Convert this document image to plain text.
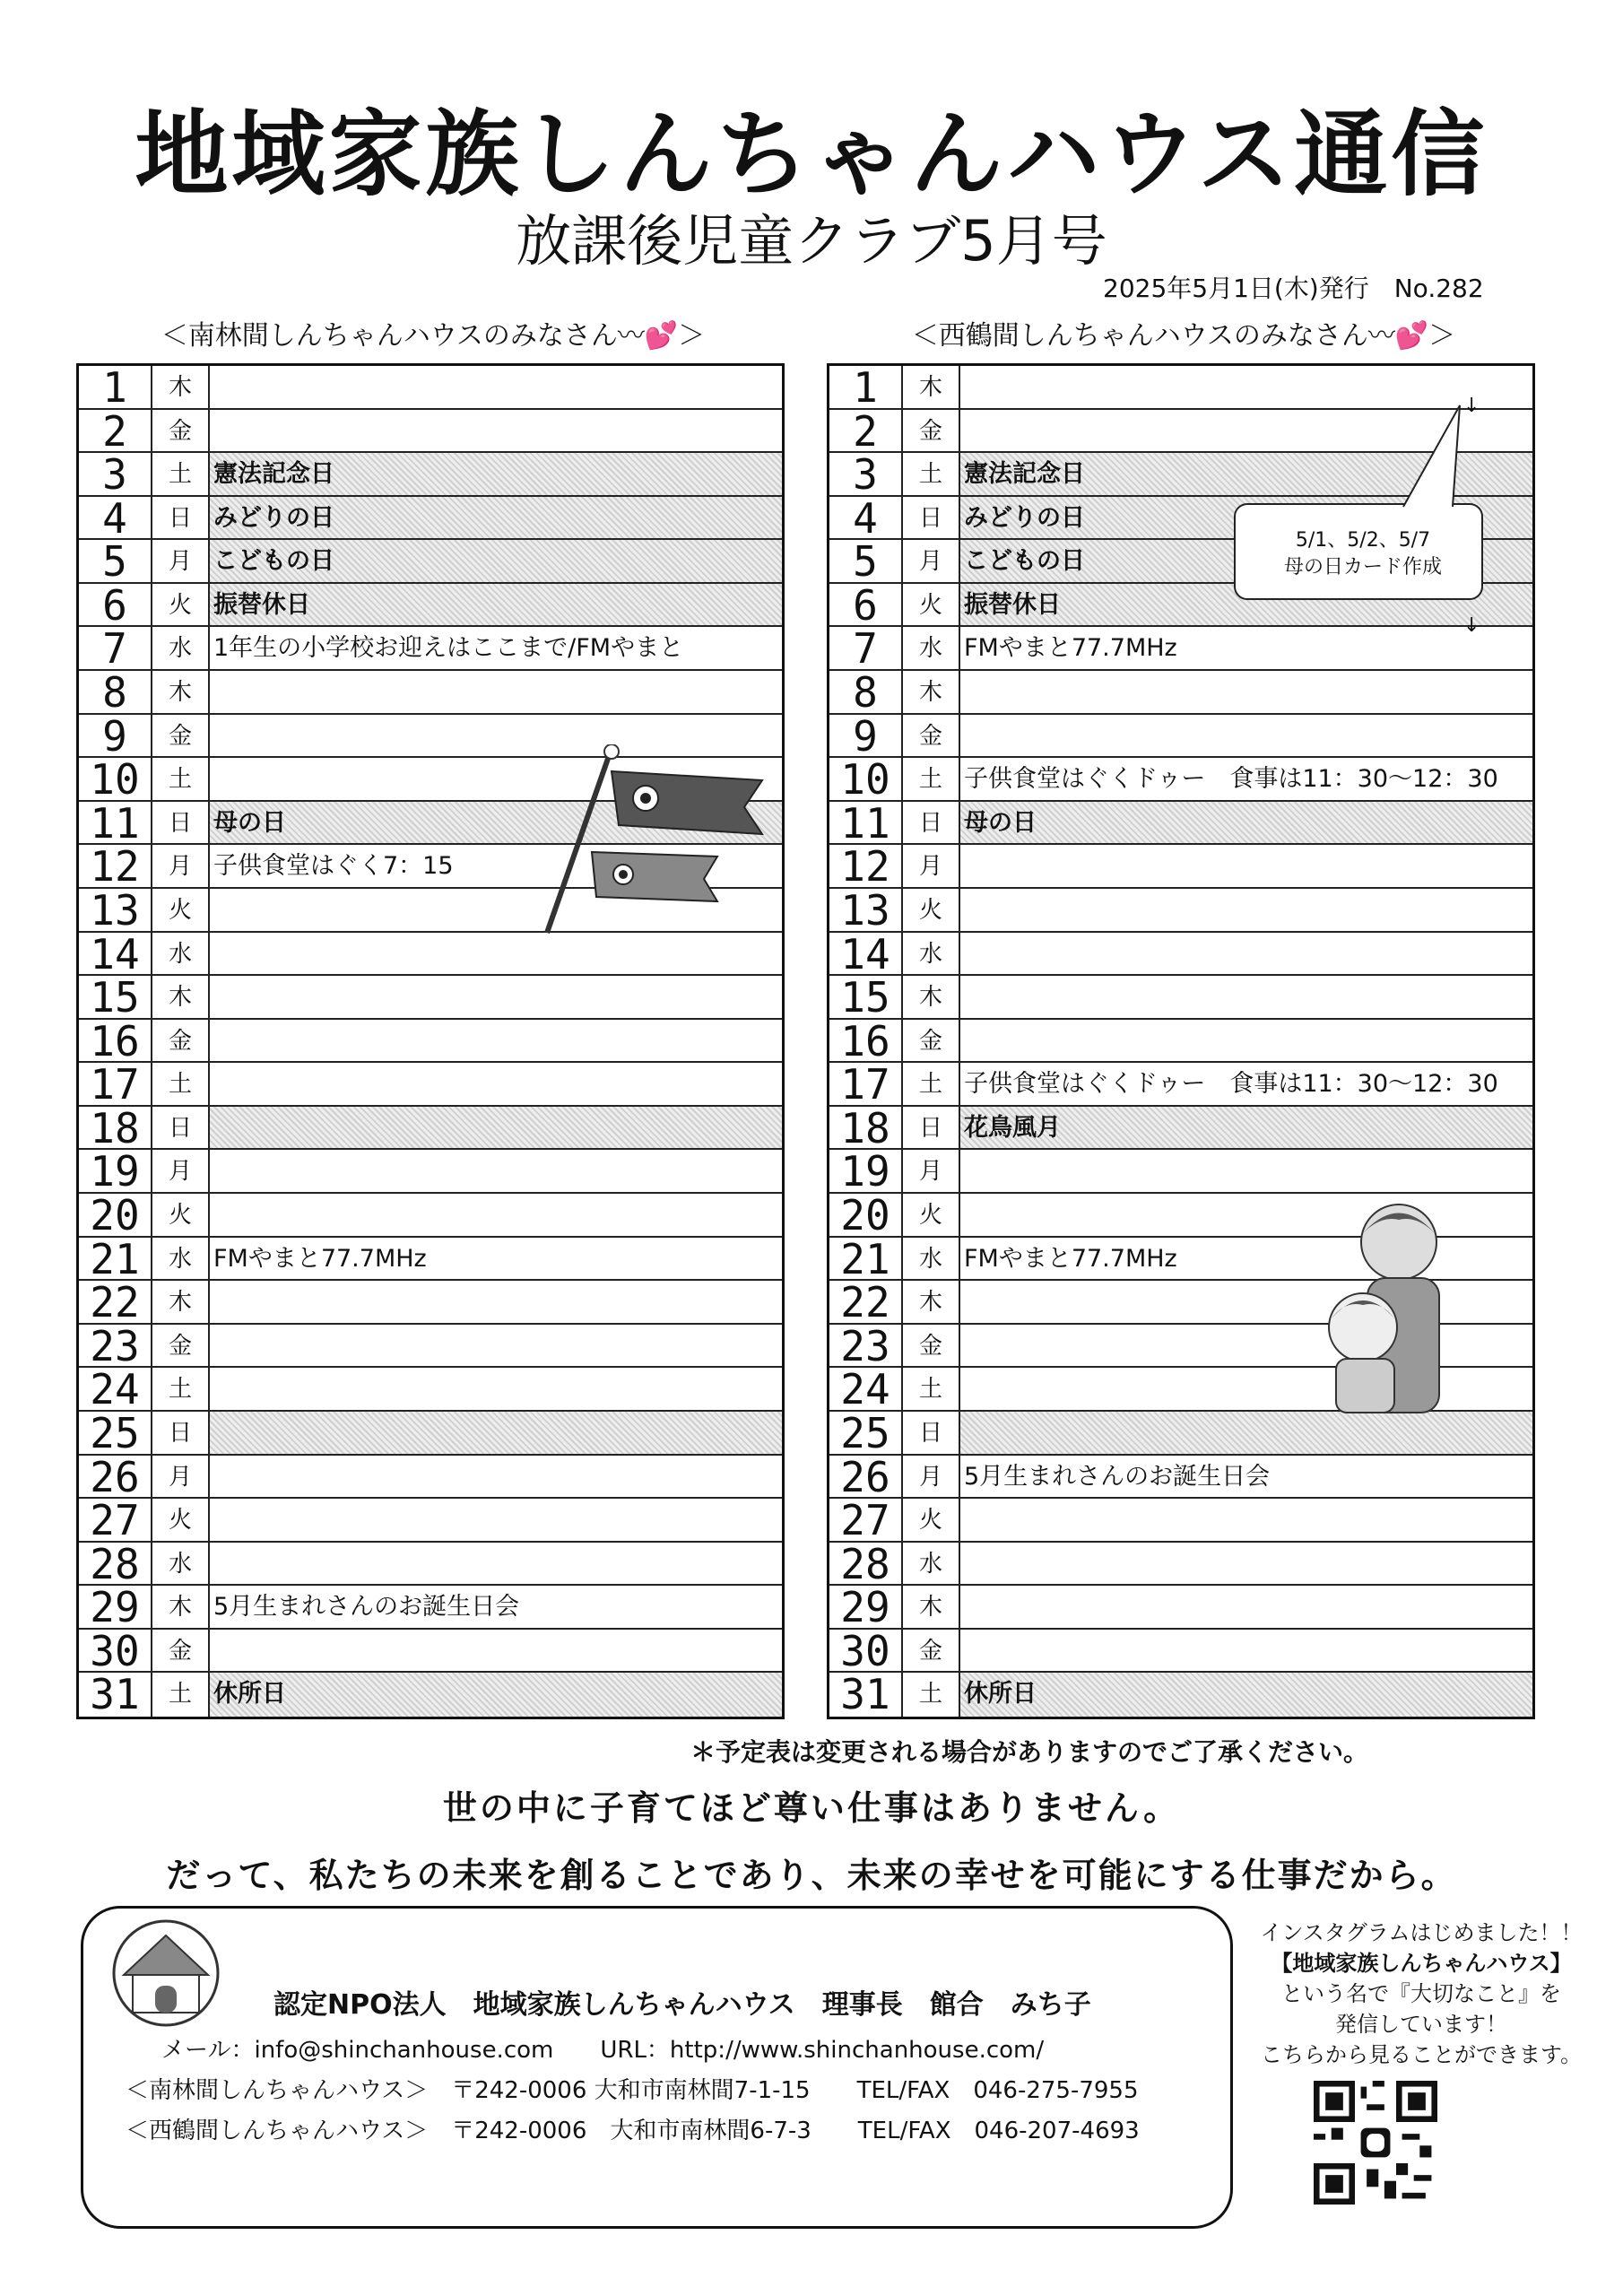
地域家族しんちゃんハウス通信
放課後児童クラブ5月号
2025年5月1日(木)発行　No.282
＜南林間しんちゃんハウスのみなさん〰💕＞	＜西鶴間しんちゃんハウスのみなさん〰💕＞
1	木
2	金
3	土 憲法記念日
4	日 みどりの日
5	月 こどもの日
6	火 振替休日
7	水 1年生の小学校お迎えはここまで/FMやまと
8	木
9	金
10	土
11	日 母の日
12	月 子供食堂はぐく7：15
13	火
14	水
15	木
16	金
17	土
18	日
19	月
20	火
21	水 FMやまと77.7MHz
22	木
23	金
24	土
25	日
26	月
27	火
28	水
29	木 5月生まれさんのお誕生日会
30	金
31	土 休所日
1	木
2	金
3	土 憲法記念日
4	日 みどりの日
5	月 こどもの日
6	火 振替休日
7	水 FMやまと77.7MHz
8	木
9	金
10	土 子供食堂はぐくドゥー　食事は11：30～12：30
11	日 母の日
12	月
13	火
14	水
15	木
16	金
17	土 子供食堂はぐくドゥー　食事は11：30～12：30
18	日 花鳥風月
19	月
20	火
21	水 FMやまと77.7MHz
22	木
23	金
24	土
25	日
26	月 5月生まれさんのお誕生日会
27	火
28	水
29	木
30	金
31	土 休所日
5/1、5/2、5/7
母の日カード作成
↓
↓
＊予定表は変更される場合がありますのでご了承ください。
世の中に子育てほど尊い仕事はありません。
だって、私たちの未来を創ることであり、未来の幸せを可能にする仕事だから。
認定NPO法人　地域家族しんちゃんハウス　理事長　館合　みち子
メール：info@shinchanhouse.com　　URL：http://www.shinchanhouse.com/
＜南林間しんちゃんハウス＞　〒242-0006 大和市南林間7-1-15　　TEL/FAX　046-275-7955
＜西鶴間しんちゃんハウス＞　〒242-0006　大和市南林間6-7-3　　TEL/FAX　046-207-4693
インスタグラムはじめました！！
【地域家族しんちゃんハウス】
という名で『大切なこと』を
発信しています！
こちらから見ることができます。
